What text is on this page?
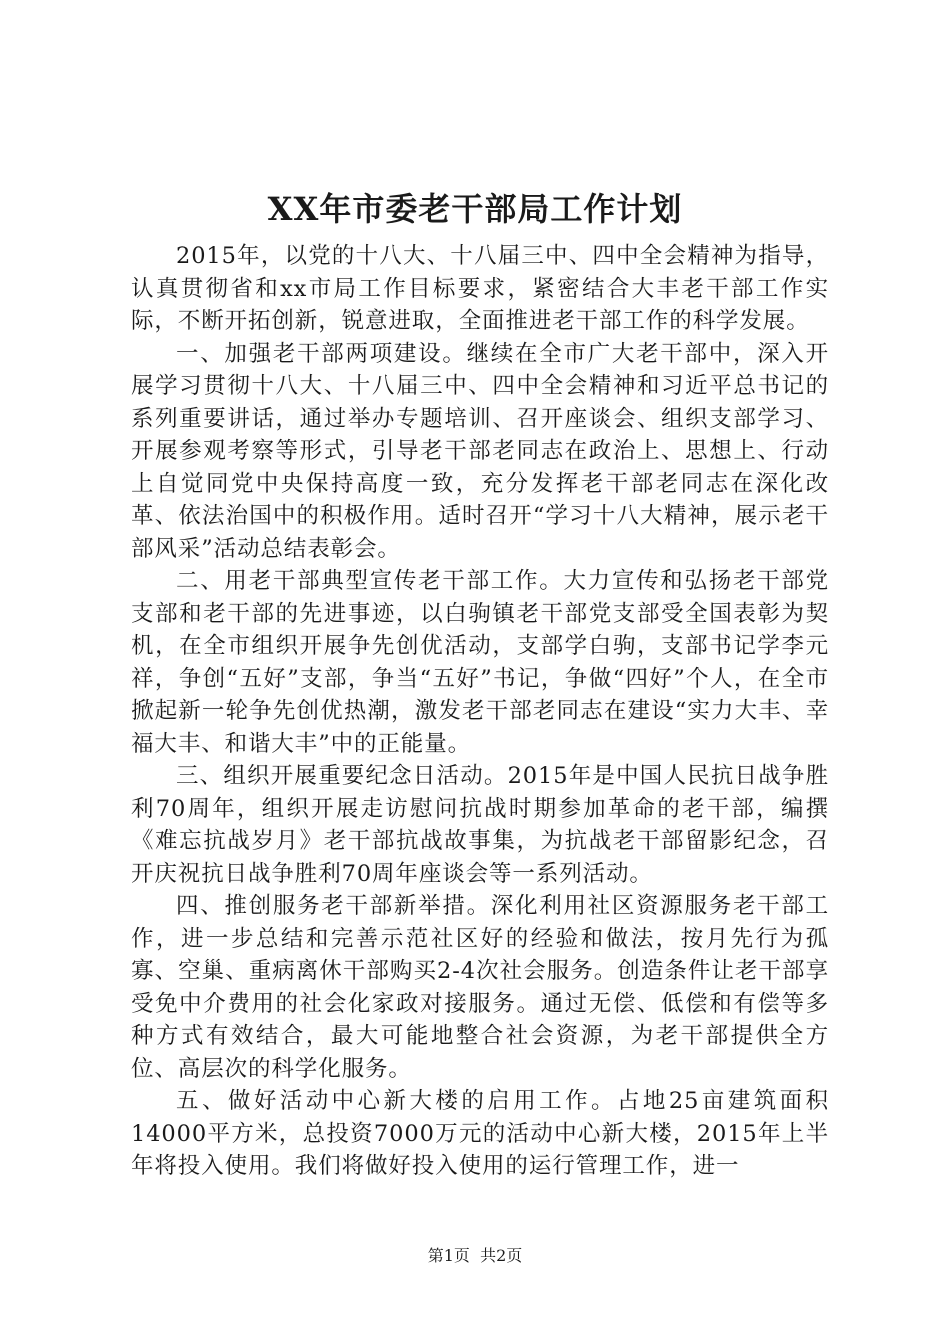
XX年市委老干部局工作计划

2015年，以党的十八大、十八届三中、四中全会精神为指导，认真贯彻省和xx市局工作目标要求，紧密结合大丰老干部工作实际，不断开拓创新，锐意进取，全面推进老干部工作的科学发展。

一、加强老干部两项建设。继续在全市广大老干部中，深入开展学习贯彻十八大、十八届三中、四中全会精神和习近平总书记的系列重要讲话，通过举办专题培训、召开座谈会、组织支部学习、开展参观考察等形式，引导老干部老同志在政治上、思想上、行动上自觉同党中央保持高度一致，充分发挥老干部老同志在深化改革、依法治国中的积极作用。适时召开“学习十八大精神，展示老干部风采”活动总结表彰会。

二、用老干部典型宣传老干部工作。大力宣传和弘扬老干部党支部和老干部的先进事迹，以白驹镇老干部党支部受全国表彰为契机，在全市组织开展争先创优活动，支部学白驹，支部书记学李元祥，争创“五好”支部，争当“五好”书记，争做“四好”个人，在全市掀起新一轮争先创优热潮，激发老干部老同志在建设“实力大丰、幸福大丰、和谐大丰”中的正能量。

三、组织开展重要纪念日活动。2015年是中国人民抗日战争胜利70周年，组织开展走访慰问抗战时期参加革命的老干部，编撰《难忘抗战岁月》老干部抗战故事集，为抗战老干部留影纪念，召开庆祝抗日战争胜利70周年座谈会等一系列活动。

四、推创服务老干部新举措。深化利用社区资源服务老干部工作，进一步总结和完善示范社区好的经验和做法，按月先行为孤寡、空巢、重病离休干部购买2-4次社会服务。创造条件让老干部享受免中介费用的社会化家政对接服务。通过无偿、低偿和有偿等多种方式有效结合，最大可能地整合社会资源，为老干部提供全方位、高层次的科学化服务。

五、做好活动中心新大楼的启用工作。占地25亩建筑面积14000平方米，总投资7000万元的活动中心新大楼，2015年上半年将投入使用。我们将做好投入使用的运行管理工作，进一

第1页 共2页
